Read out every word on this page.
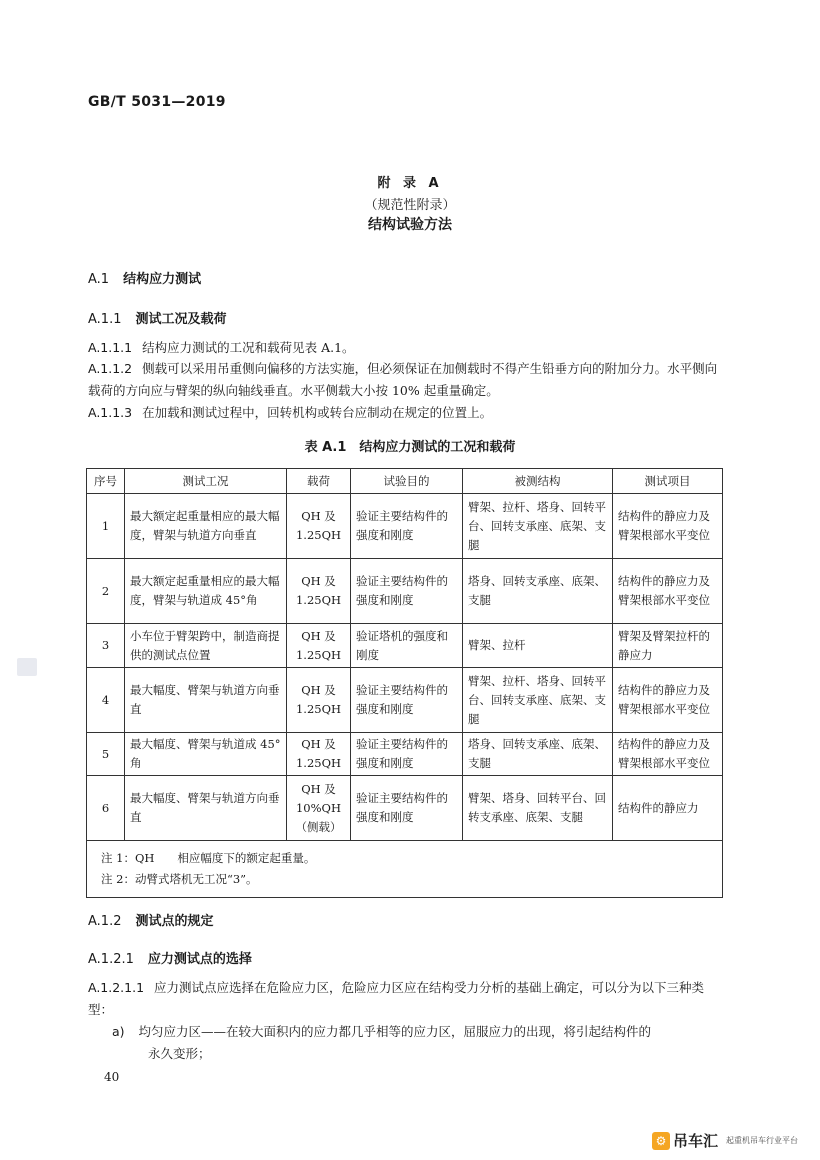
GB/T 5031—2019
附 录 A
（规范性附录）
结构试验方法
A.1 结构应力测试
A.1.1 测试工况及载荷
A.1.1.1 结构应力测试的工况和载荷见表 A.1。
A.1.1.2 侧载可以采用吊重侧向偏移的方法实施，但必须保证在加侧载时不得产生铅垂方向的附加分力。水平侧向载荷的方向应与臂架的纵向轴线垂直。水平侧载大小按 10% 起重量确定。
A.1.1.3 在加载和测试过程中，回转机构或转台应制动在规定的位置上。
表 A.1　结构应力测试的工况和载荷
序号	测试工况	载荷	试验目的	被测结构	测试项目
1	最大额定起重量相应的最大幅度，臂架与轨道方向垂直	QH 及 1.25QH	验证主要结构件的强度和刚度	臂架、拉杆、塔身、回转平台、回转支承座、底架、支腿	结构件的静应力及臂架根部水平变位
2	最大额定起重量相应的最大幅度，臂架与轨道成 45°角	QH 及 1.25QH	验证主要结构件的强度和刚度	塔身、回转支承座、底架、支腿	结构件的静应力及臂架根部水平变位
3	小车位于臂架跨中，制造商提供的测试点位置	QH 及 1.25QH	验证塔机的强度和刚度	臂架、拉杆	臂架及臂架拉杆的静应力
4	最大幅度、臂架与轨道方向垂直	QH 及 1.25QH	验证主要结构件的强度和刚度	臂架、拉杆、塔身、回转平台、回转支承座、底架、支腿	结构件的静应力及臂架根部水平变位
5	最大幅度、臂架与轨道成 45°角	QH 及 1.25QH	验证主要结构件的强度和刚度	塔身、回转支承座、底架、支腿	结构件的静应力及臂架根部水平变位
6	最大幅度、臂架与轨道方向垂直	QH 及 10%QH （侧载）	验证主要结构件的强度和刚度	臂架、塔身、回转平台、回转支承座、底架、支腿	结构件的静应力

注 1：QH　　相应幅度下的额定起重量。
注 2：动臂式塔机无工况“3”。					
A.1.2 测试点的规定
A.1.2.1 应力测试点的选择
A.1.2.1.1 应力测试点应选择在危险应力区，危险应力区应在结构受力分析的基础上确定，可以分为以下三种类型：
a) 均匀应力区——在较大面积内的应力都几乎相等的应力区，屈服应力的出现，将引起结构件的
永久变形；
40
⚙ 吊车汇 起重机吊车行业平台
